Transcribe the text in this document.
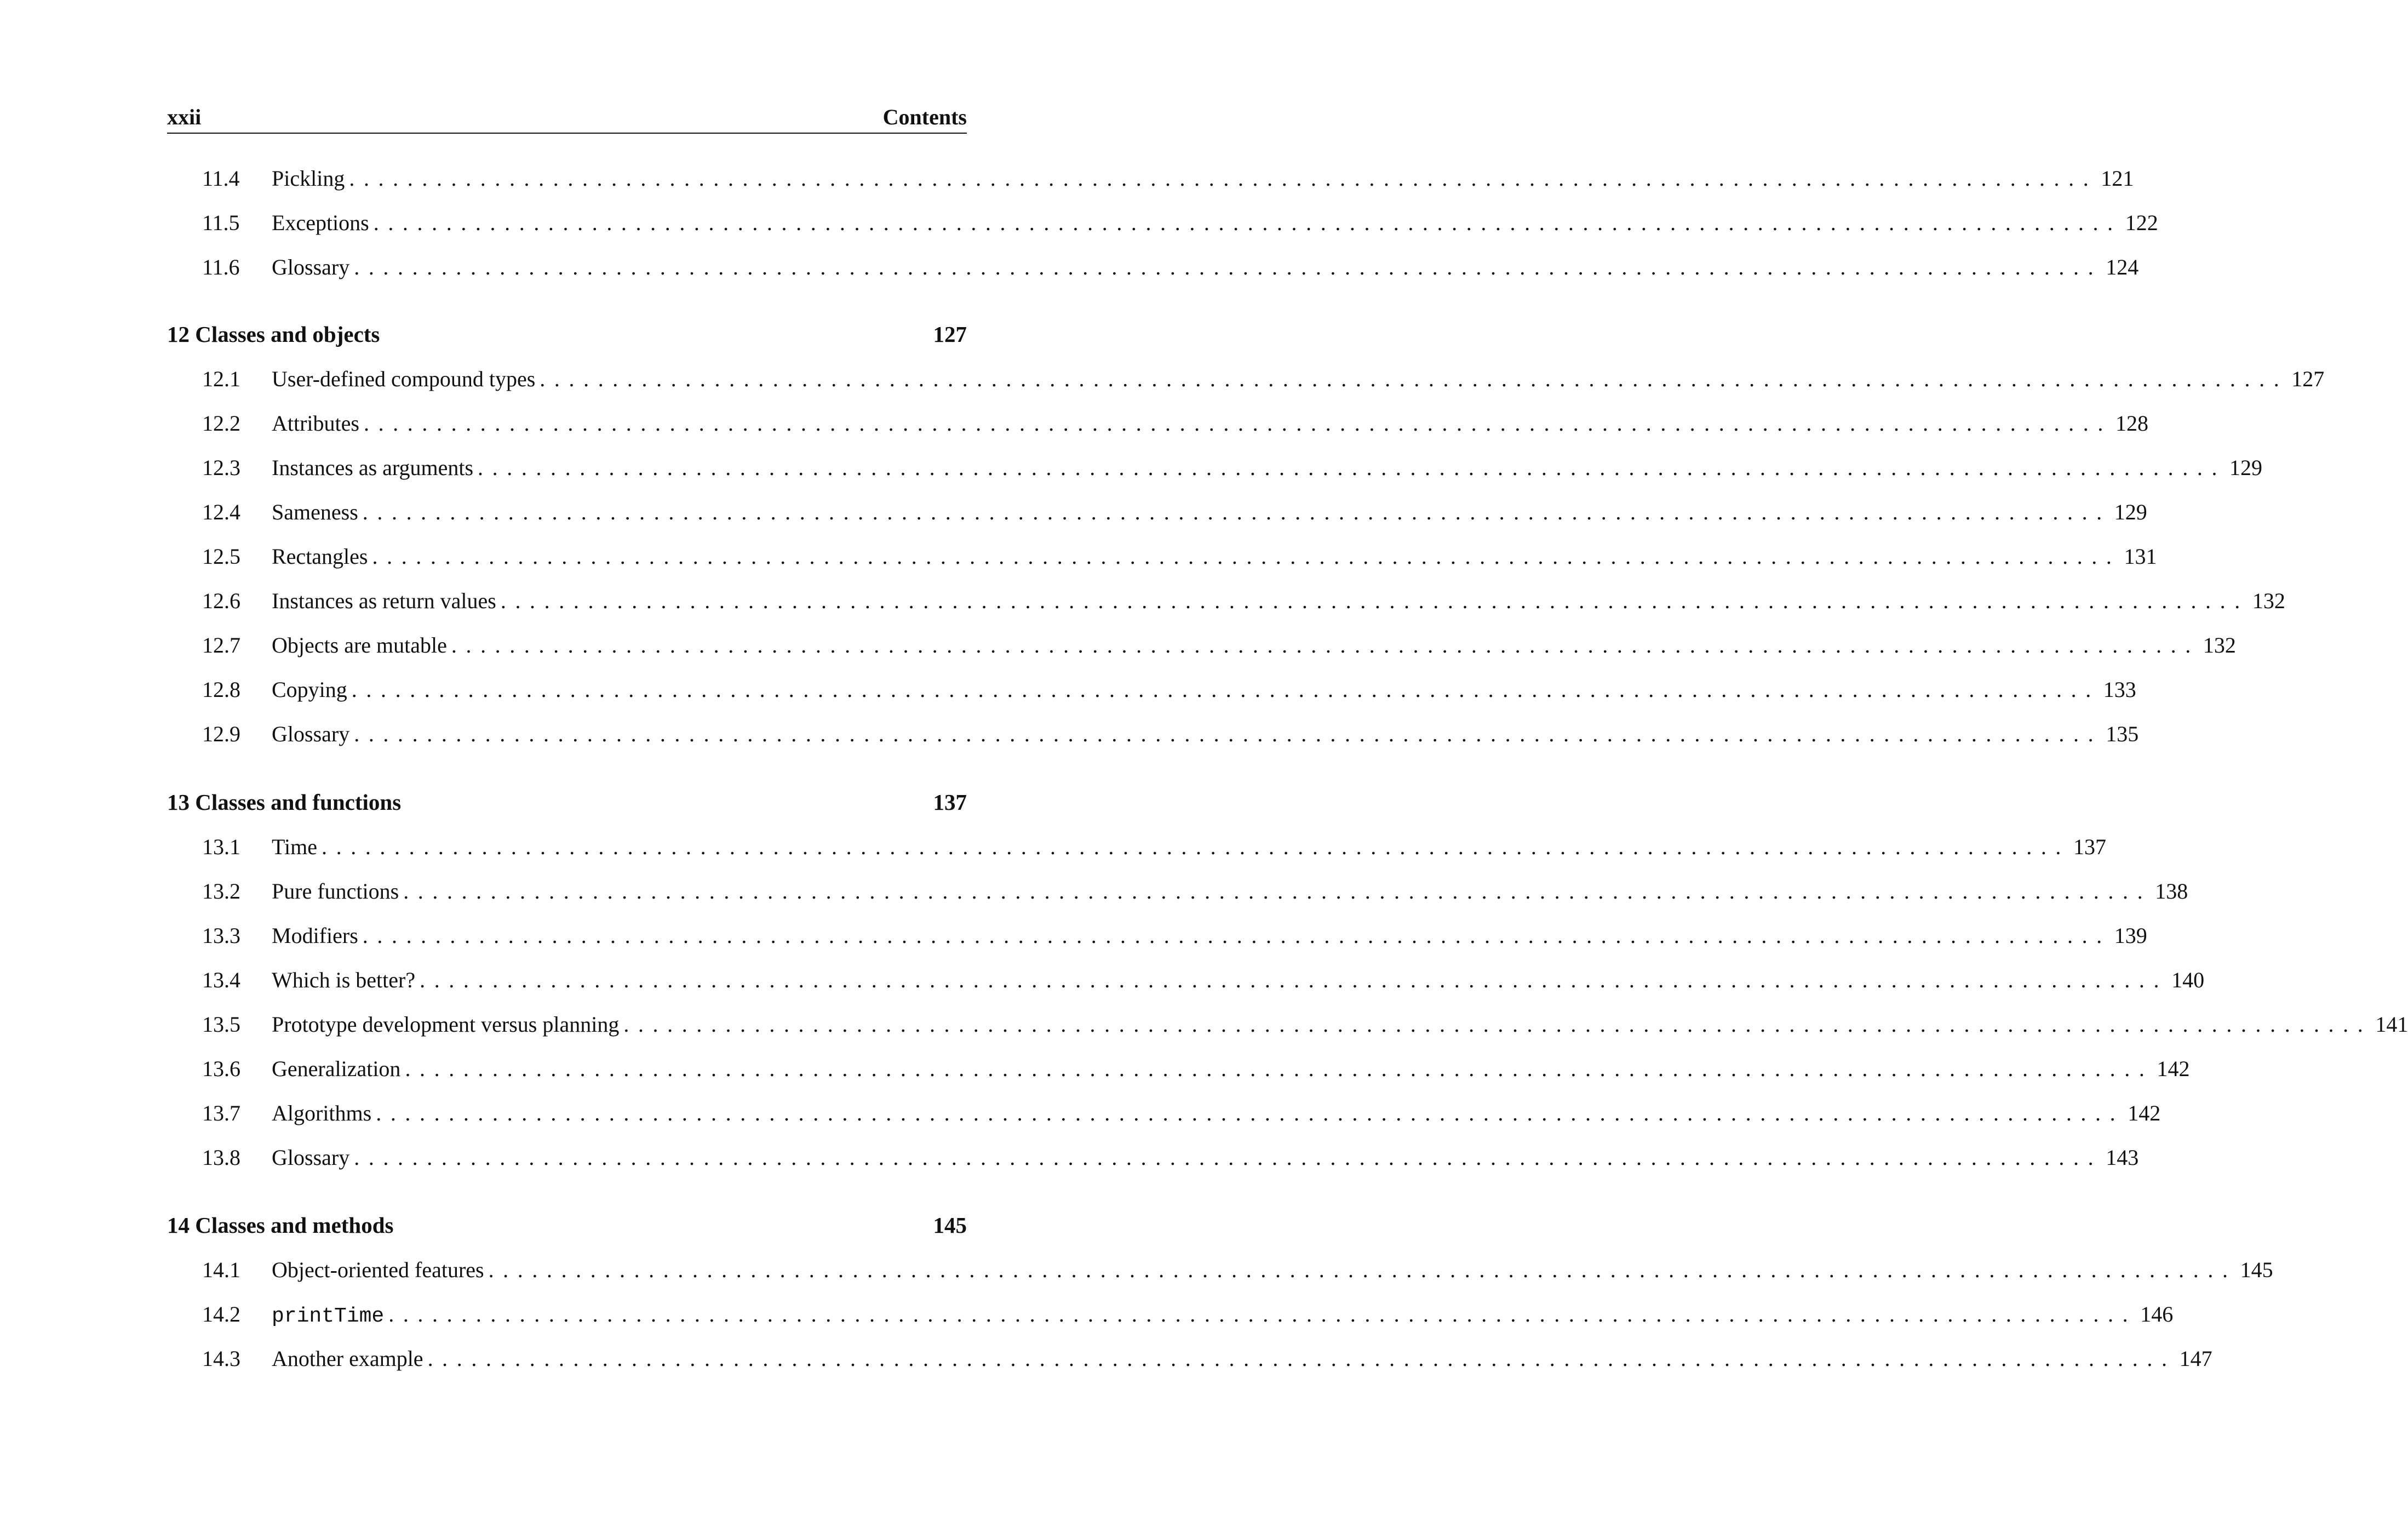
xxii	Contents
11.4 Pickling ........................................................................................................................ 121
11.5 Exceptions ........................................................................................................................ 122
11.6 Glossary ........................................................................................................................ 124
12 Classes and objects	127
12.1 User-defined compound types ........................................................................................................................ 127
12.2 Attributes ........................................................................................................................ 128
12.3 Instances as arguments ........................................................................................................................ 129
12.4 Sameness ........................................................................................................................ 129
12.5 Rectangles ........................................................................................................................ 131
12.6 Instances as return values ........................................................................................................................ 132
12.7 Objects are mutable ........................................................................................................................ 132
12.8 Copying ........................................................................................................................ 133
12.9 Glossary ........................................................................................................................ 135
13 Classes and functions	137
13.1 Time ........................................................................................................................ 137
13.2 Pure functions ........................................................................................................................ 138
13.3 Modifiers ........................................................................................................................ 139
13.4 Which is better? ........................................................................................................................ 140
13.5 Prototype development versus planning ........................................................................................................................ 141
13.6 Generalization ........................................................................................................................ 142
13.7 Algorithms ........................................................................................................................ 142
13.8 Glossary ........................................................................................................................ 143
14 Classes and methods	145
14.1 Object-oriented features ........................................................................................................................ 145
14.2 printTime ........................................................................................................................ 146
14.3 Another example ........................................................................................................................ 147
